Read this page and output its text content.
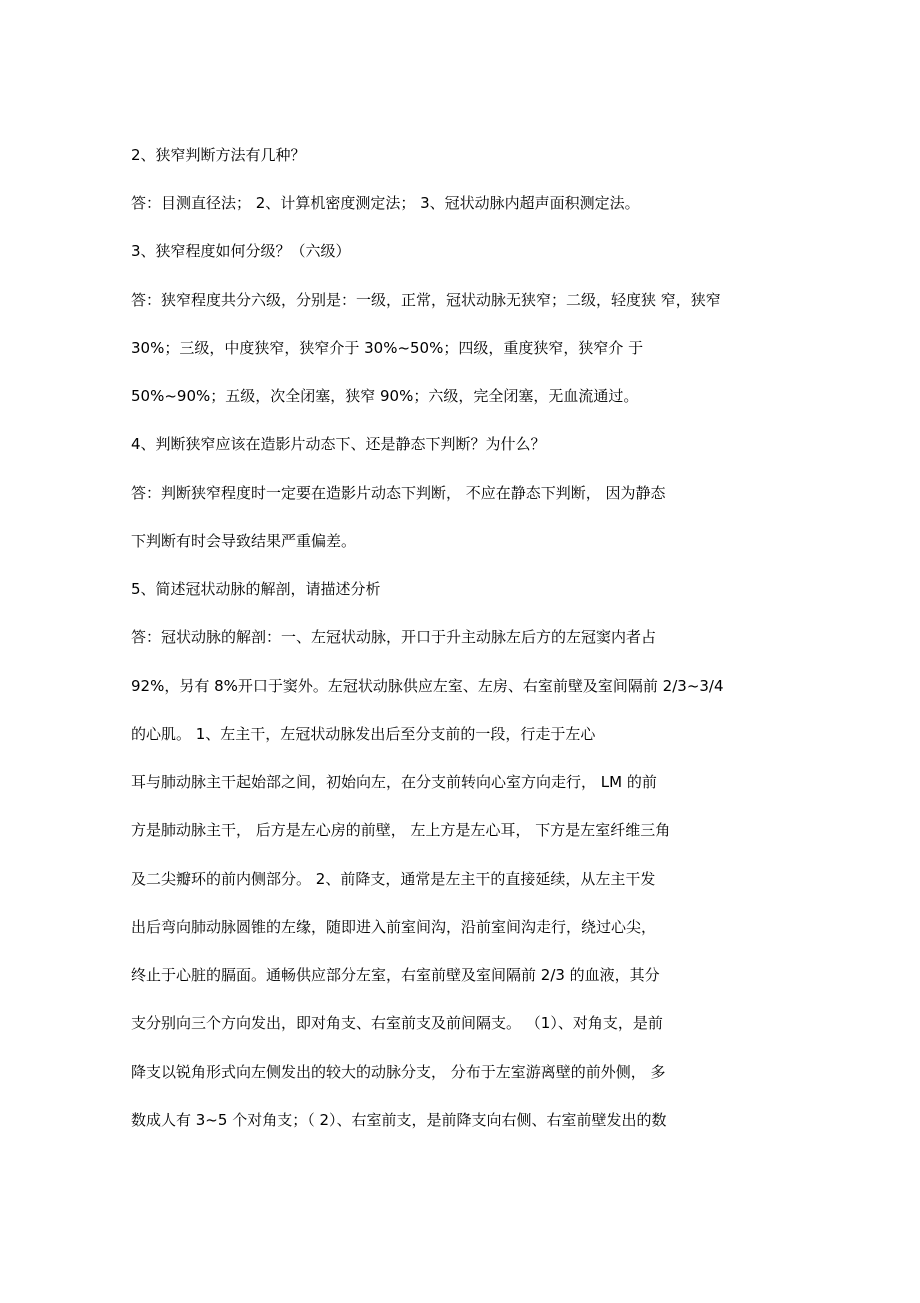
2、狭窄判断方法有几种？

答：目测直径法； 2、计算机密度测定法； 3、冠状动脉内超声面积测定法。

3、狭窄程度如何分级？（六级）

答：狭窄程度共分六级，分别是：一级，正常，冠状动脉无狭窄；二级，轻度狭 窄，狭窄

30%；三级，中度狭窄，狭窄介于 30%~50%；四级，重度狭窄，狭窄介 于

50%~90%；五级，次全闭塞，狭窄 90%；六级，完全闭塞，无血流通过。

4、判断狭窄应该在造影片动态下、还是静态下判断？为什么？

答：判断狭窄程度时一定要在造影片动态下判断， 不应在静态下判断， 因为静态

下判断有时会导致结果严重偏差。

5、简述冠状动脉的解剖，请描述分析

答：冠状动脉的解剖：一、左冠状动脉，开口于升主动脉左后方的左冠窦内者占

92%，另有 8%开口于窦外。左冠状动脉供应左室、左房、右室前壁及室间隔前 2/3~3/4

的心肌。 1、左主干，左冠状动脉发出后至分支前的一段，行走于左心

耳与肺动脉主干起始部之间，初始向左，在分支前转向心室方向走行， LM 的前

方是肺动脉主干， 后方是左心房的前壁， 左上方是左心耳， 下方是左室纤维三角

及二尖瓣环的前内侧部分。 2、前降支，通常是左主干的直接延续，从左主干发

出后弯向肺动脉圆锥的左缘，随即进入前室间沟，沿前室间沟走行，绕过心尖，

终止于心脏的膈面。通畅供应部分左室，右室前壁及室间隔前 2/3 的血液，其分

支分别向三个方向发出，即对角支、右室前支及前间隔支。 （1）、对角支，是前

降支以锐角形式向左侧发出的较大的动脉分支， 分布于左室游离壁的前外侧， 多

数成人有 3~5 个对角支；（ 2）、右室前支，是前降支向右侧、右室前壁发出的数
